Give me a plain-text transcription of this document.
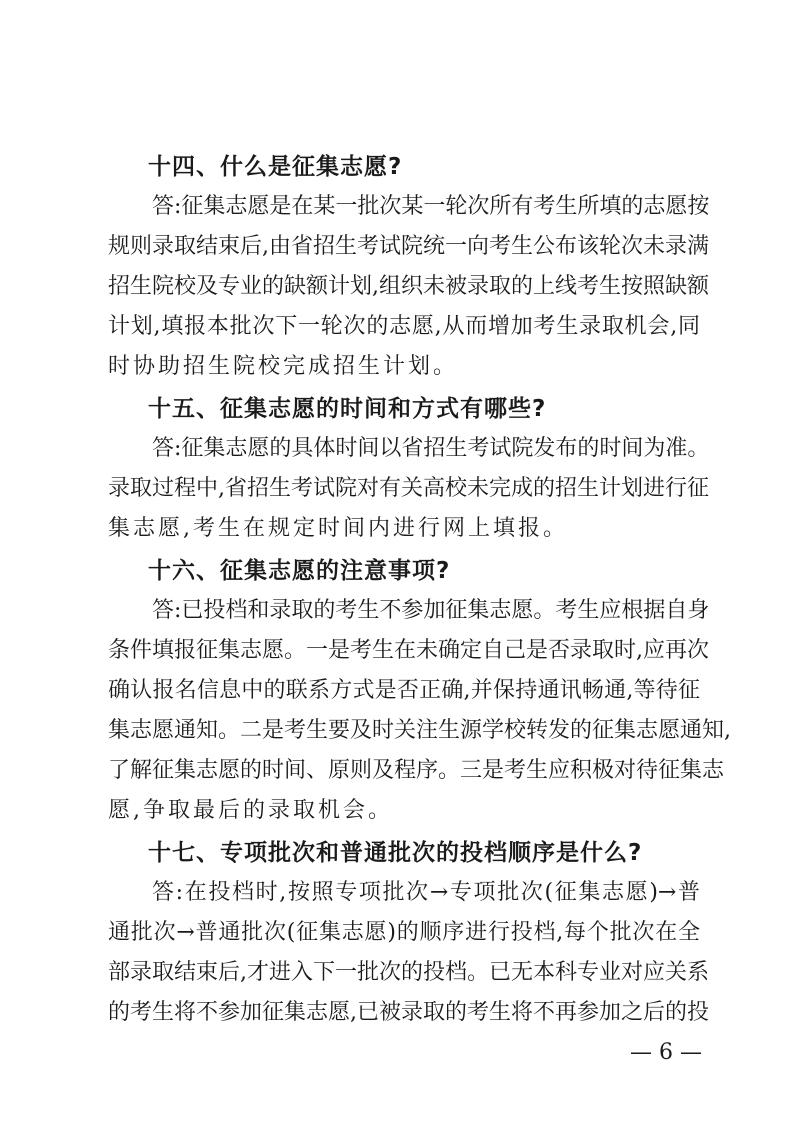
十四、什么是征集志愿?
答:征集志愿是在某一批次某一轮次所有考生所填的志愿按
规则录取结束后,由省招生考试院统一向考生公布该轮次未录满
招生院校及专业的缺额计划,组织未被录取的上线考生按照缺额
计划,填报本批次下一轮次的志愿,从而增加考生录取机会,同
时协助招生院校完成招生计划。
十五、征集志愿的时间和方式有哪些?
答:征集志愿的具体时间以省招生考试院发布的时间为准。
录取过程中,省招生考试院对有关高校未完成的招生计划进行征
集志愿,考生在规定时间内进行网上填报。
十六、征集志愿的注意事项?
答:已投档和录取的考生不参加征集志愿。考生应根据自身
条件填报征集志愿。一是考生在未确定自己是否录取时,应再次
确认报名信息中的联系方式是否正确,并保持通讯畅通,等待征
集志愿通知。二是考生要及时关注生源学校转发的征集志愿通知,
了解征集志愿的时间、原则及程序。三是考生应积极对待征集志
愿,争取最后的录取机会。
十七、专项批次和普通批次的投档顺序是什么?
答:在投档时,按照专项批次→专项批次(征集志愿)→普
通批次→普通批次(征集志愿)的顺序进行投档,每个批次在全
部录取结束后,才进入下一批次的投档。已无本科专业对应关系
的考生将不参加征集志愿,已被录取的考生将不再参加之后的投
— 6 —
